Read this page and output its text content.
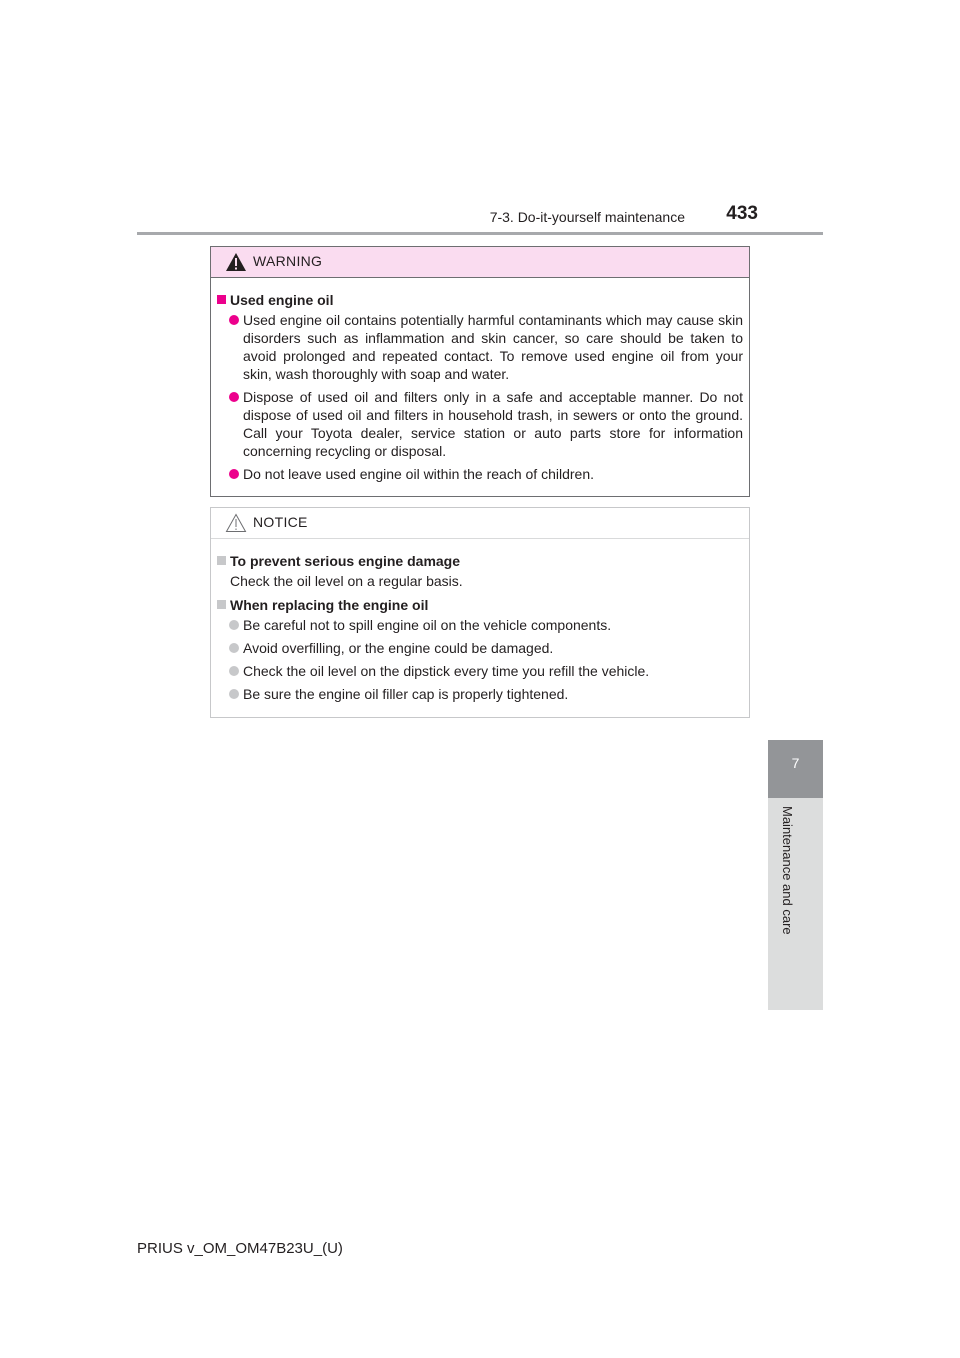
7-3. Do-it-yourself maintenance 433
7
Maintenance and care
WARNING

Used engine oil

Used engine oil contains potentially harmful contaminants which may cause skin disorders such as inflammation and skin cancer, so care should be taken to avoid prolonged and repeated contact. To remove used engine oil from your skin, wash thoroughly with soap and water.
Dispose of used oil and filters only in a safe and acceptable manner. Do not dispose of used oil and filters in household trash, in sewers or onto the ground. Call your Toyota dealer, service station or auto parts store for information concerning recycling or disposal.
Do not leave used engine oil within the reach of children.
NOTICE

To prevent serious engine damage

Check the oil level on a regular basis.

When replacing the engine oil

Be careful not to spill engine oil on the vehicle components.
Avoid overfilling, or the engine could be damaged.
Check the oil level on the dipstick every time you refill the vehicle.
Be sure the engine oil filler cap is properly tightened.
PRIUS v_OM_OM47B23U_(U)
